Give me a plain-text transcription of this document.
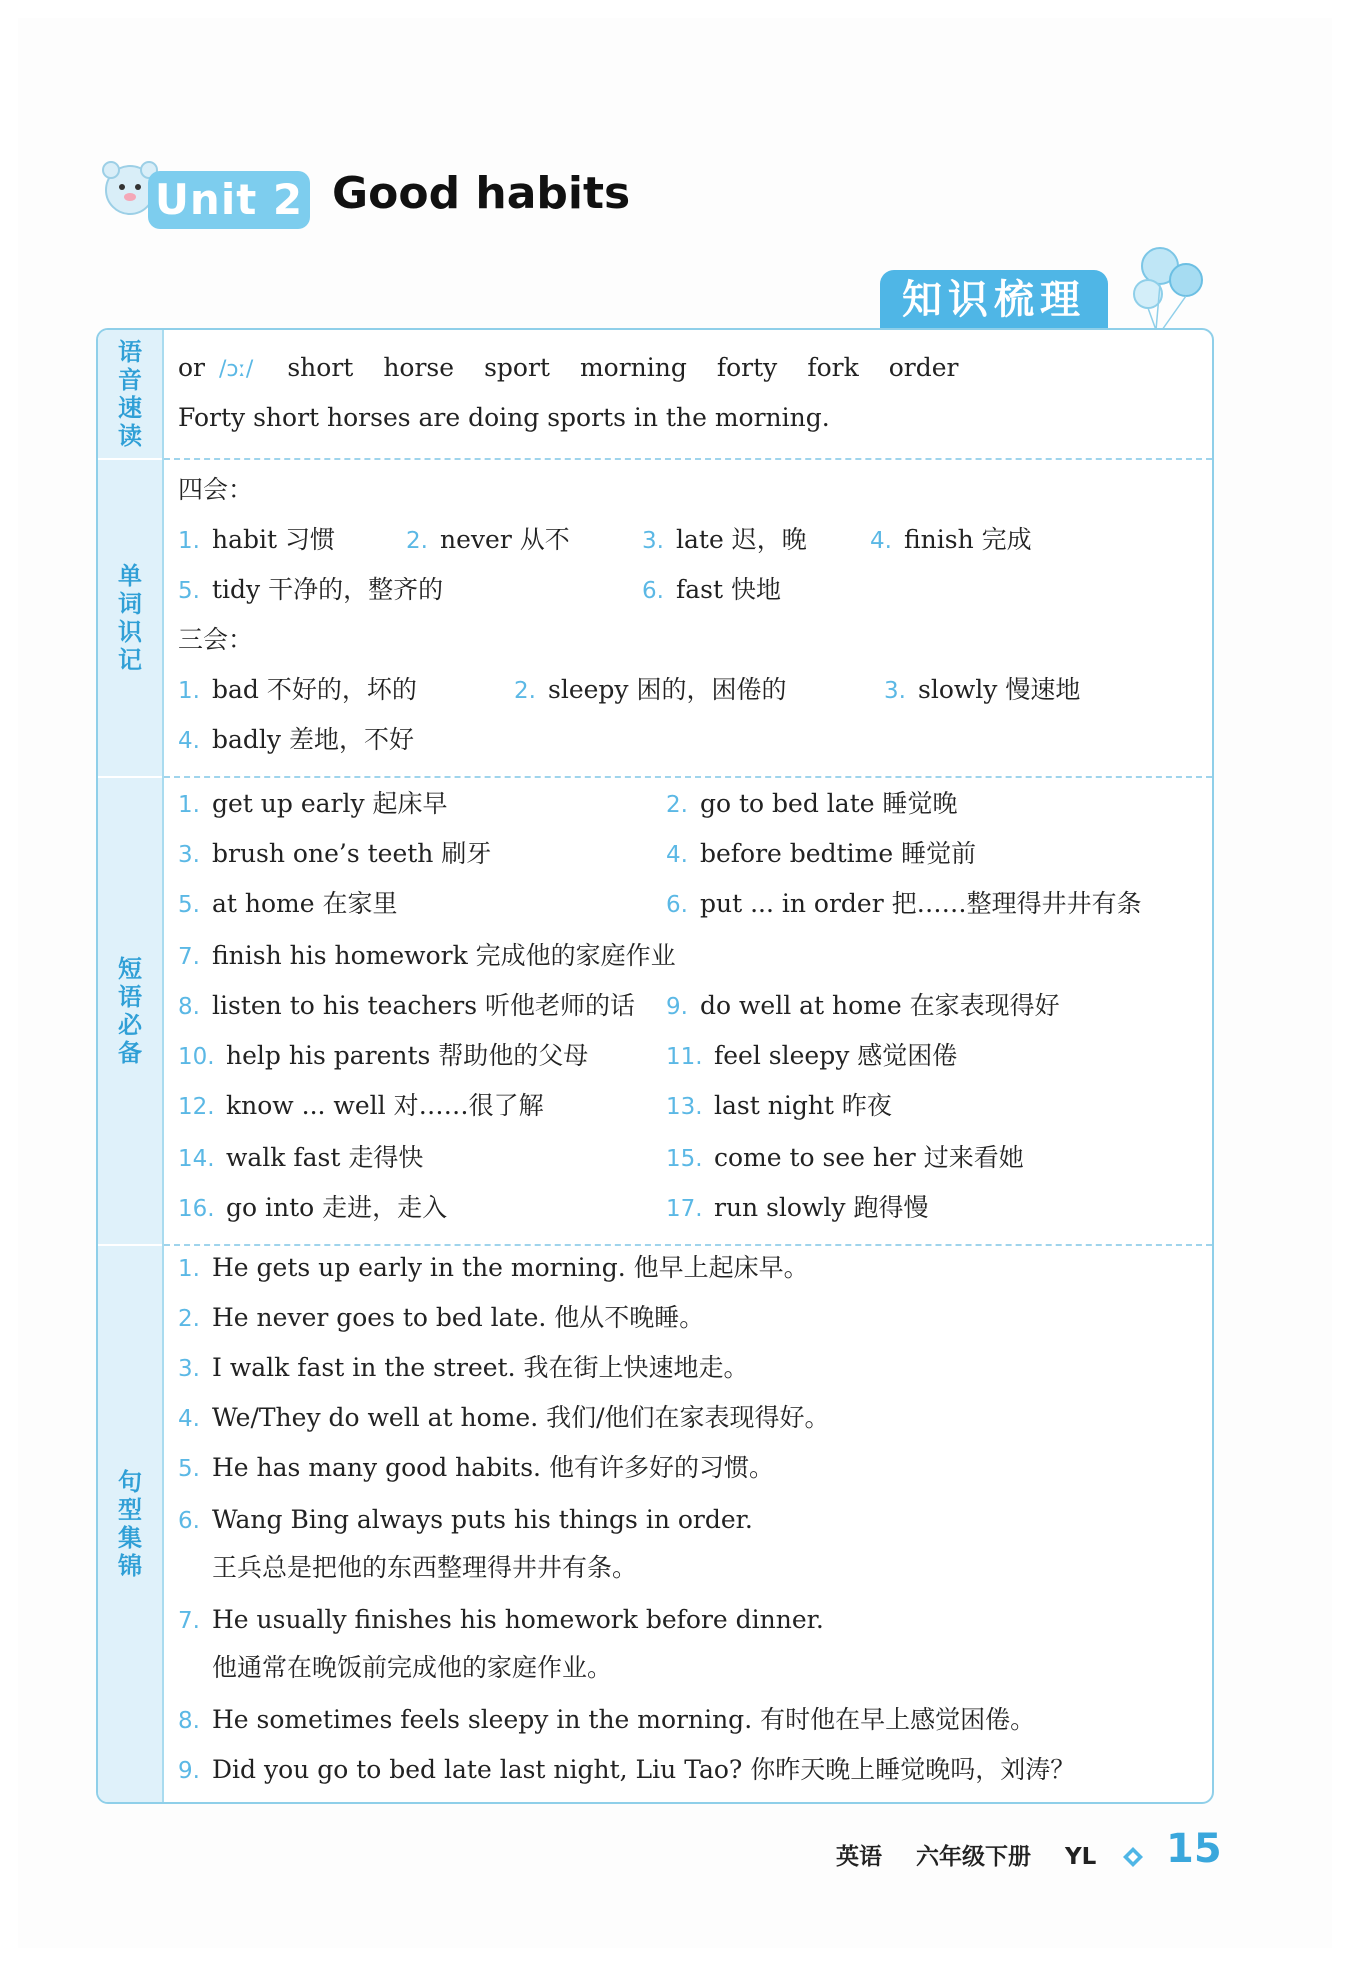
Unit 2 Good habits
知识梳理
语
音
速
读
单
词
识
记
短
语
必
备
句
型
集
锦
or /ɔː/ short horse sport morning forty fork order
Forty short horses are doing sports in the morning.
四会：
1. habit 习惯	2. never 从不	3. late 迟，晚	4. finish 完成
5. tidy 干净的，整齐的	6. fast 快地
三会：
1. bad 不好的，坏的	2. sleepy 困的，困倦的	3. slowly 慢速地
4. badly 差地，不好
1. get up early 起床早	2. go to bed late 睡觉晚
3. brush one’s teeth 刷牙	4. before bedtime 睡觉前
5. at home 在家里	6. put ... in order 把……整理得井井有条
7. finish his homework 完成他的家庭作业
8. listen to his teachers 听他老师的话 9. do well at home 在家表现得好
10. help his parents 帮助他的父母	11. feel sleepy 感觉困倦
12. know ... well 对……很了解	13. last night 昨夜
14. walk fast 走得快	15. come to see her 过来看她
16. go into 走进，走入	17. run slowly 跑得慢
1. He gets up early in the morning. 他早上起床早。
2. He never goes to bed late. 他从不晚睡。
3. I walk fast in the street. 我在街上快速地走。
4. We/They do well at home. 我们/他们在家表现得好。
5. He has many good habits. 他有许多好的习惯。
6. Wang Bing always puts his things in order.
王兵总是把他的东西整理得井井有条。
7. He usually finishes his homework before dinner.
他通常在晚饭前完成他的家庭作业。
8. He sometimes feels sleepy in the morning. 有时他在早上感觉困倦。
9. Did you go to bed late last night, Liu Tao? 你昨天晚上睡觉晚吗，刘涛？
英语 六年级下册 YL	15
